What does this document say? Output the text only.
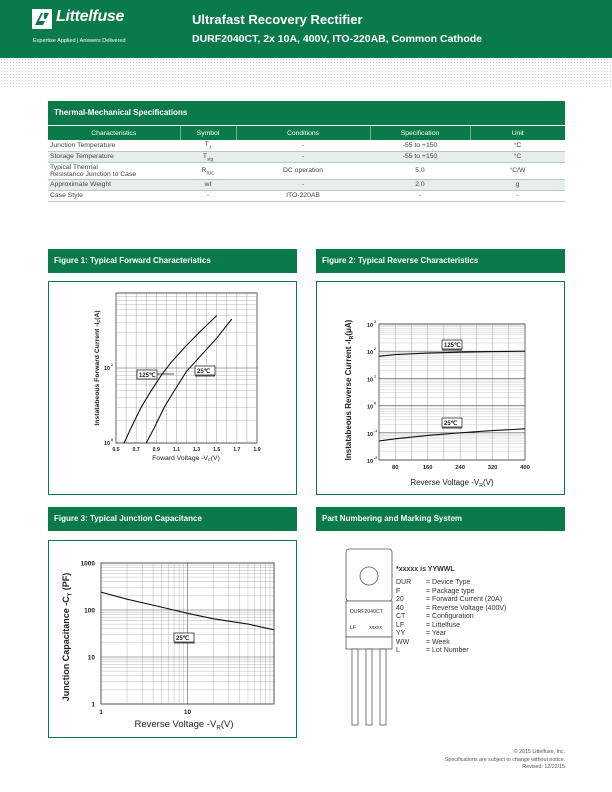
Littelfuse
Expertise Applied | Answers Delivered
Ultrafast Recovery Rectifier
DURF2040CT, 2x 10A, 400V, ITO-220AB, Common Cathode
Thermal-Mechanical Specifications
Characteristics	Symbol	Conditions	Specification	Unit
Junction Temperature	$T_J$	-	-55 to +150	°C
Storage Temperature	$T_{stg}$	-	-55 to +150	°C
Typical Thermal
Resistance Junction to Case	$R_{\theta JC}$	DC operation	5.0	°C/W
Approximate Weight	wt	-	2.0	g
Case Style	-	ITO-220AB	-	-
Figure 1: Typical Forward Characteristics
0.5 0.7 0.9 1.1 1.3 1.5 1.7 1.9
10
0
10
1
125℃
25℃
Instatabeous Forward Current $-I_F(A)$
Foward Voltage $-V_F(V)$
Figure 2: Typical Reverse Characteristics
80	160	240	320	400
10
3
10
2
10
1
10
0
10
-1
10
-2
125℃
25℃
Instatabeous Reverse Current $-I_R(\mu A)$
Reverse Voltage $-V_R(V)$
Figure 3: Typical Junction Capacitance
1	10
1000
100
10
1
25℃
Junction Capacitance $-C_T$ (PF)
Reverse Voltage $-V_R(V)$
Part Numbering and Marking System
DURF2040CT
LF xxxxx
*xxxxx is YYWWL
DUR	= Device Type
F	= Package type
20	= Forward Current (20A)
40	= Reverse Voltage (400V)
CT	= Configuration
LF	= Littelfuse
YY	= Year
WW	= Week
L	= Lot Number
© 2015 Littelfuse, Inc.
Specifications are subject to change without notice.
Revised: 12/22/15
